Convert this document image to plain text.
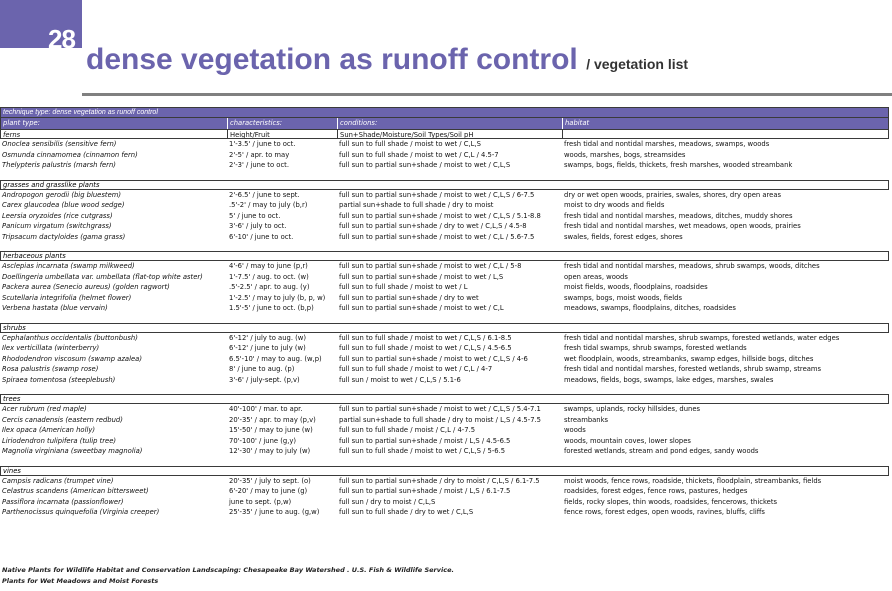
28
dense vegetation as runoff control / vegetation list
technique type: dense vegetation as runoff control
plant type:	characteristics:	conditions:	habitat
ferns	Height/Fruit	Sun+Shade/Moisture/Soil Types/Soil pH
Onoclea sensibilis (sensitive fern)	1'-3.5' / june to oct.	full sun to full shade / moist to wet / C,L,S	fresh tidal and nontidal marshes, meadows, swamps, woods
Osmunda cinnamomea (cinnamon fern)	2'-5' / apr. to may	full sun to full shade / moist to wet / C,L / 4.5-7	woods, marshes, bogs, streamsides
Thelypteris palustris (marsh fern)	2'-3' / june to oct.	full sun to partial sun+shade / moist to wet / C,L,S	swamps, bogs, fields, thickets, fresh marshes, wooded streambank
grasses and grasslike plants
Andropogon gerodii (big bluestem)	2'-6.5' / june to sept.	full sun to partial sun+shade / moist to wet / C,L,S / 6-7.5	dry or wet open woods, prairies, swales, shores, dry open areas
Carex glaucodea (blue wood sedge)	.5'-2' / may to july (b,r)	partial sun+shade to full shade / dry to moist	moist to dry woods and fields
Leersia oryzoides (rice cutgrass)	5' / june to oct.	full sun to partial sun+shade / moist to wet / C,L,S / 5.1-8.8	fresh tidal and nontidal marshes, meadows, ditches, muddy shores
Panicum virgatum (switchgrass)	3'-6' / july to oct.	full sun to partial sun+shade / dry to wet / C,L,S / 4.5-8	fresh tidal and nontidal marshes, wet meadows, open woods, prairies
Tripsacum dactyloides (gama grass)	6'-10' / june to oct.	full sun to partial sun+shade / moist to wet / C,L / 5.6-7.5	swales, fields, forest edges, shores
herbaceous plants
Asclepias incarnata (swamp milkweed)	4'-6' / may to june (p,r)	full sun to partial sun+shade / moist to wet / C,L / 5-8	fresh tidal and nontidal marshes, meadows, shrub swamps, woods, ditches
Doellingeria umbellata var. umbellata (flat-top white aster)	1'-7.5' / aug. to oct. (w)	full sun to partial sun+shade / moist to wet / L,S	open areas, woods
Packera aurea (Senecio aureus) (golden ragwort)	.5'-2.5' / apr. to aug. (y)	full sun to full shade / moist to wet / L	moist fields, woods, floodplains, roadsides
Scutellaria integrifolia (helmet flower)	1'-2.5' / may to july (b, p, w)	full sun to partial sun+shade / dry to wet	swamps, bogs, moist woods, fields
Verbena hastata (blue vervain)	1.5'-5' / june to oct. (b,p)	full sun to partial sun+shade / moist to wet / C,L	meadows, swamps, floodplains, ditches, roadsides
shrubs
Cephalanthus occidentalis (buttonbush)	6'-12' / july to aug. (w)	full sun to full shade / moist to wet / C,L,S / 6.1-8.5	fresh tidal and nontidal marshes, shrub swamps, forested wetlands, water edges
Ilex verticillata (winterberry)	6'-12' / june to july (w)	full sun to full shade / moist to wet / C,L,S / 4.5-6.5	fresh tidal swamps, shrub swamps, forested wetlands
Rhododendron viscosum (swamp azalea)	6.5'-10' / may to aug. (w,p)	full sun to partial sun+shade / moist to wet / C,L,S / 4-6	wet floodplain, woods, streambanks, swamp edges, hillside bogs, ditches
Rosa palustris (swamp rose)	8' / june to aug. (p)	full sun to full shade / moist to wet / C,L / 4-7	fresh tidal and nontidal marshes, forested wetlands, shrub swamp, streams
Spiraea tomentosa (steeplebush)	3'-6' / july-sept. (p,v)	full sun / moist to wet / C,L,S / 5.1-6	meadows, fields, bogs, swamps, lake edges, marshes, swales
trees
Acer rubrum (red maple)	40'-100' / mar. to apr.	full sun to partial sun+shade / moist to wet / C,L,S / 5.4-7.1	swamps, uplands, rocky hillsides, dunes
Cercis canadensis (eastern redbud)	20'-35' / apr. to may (p,v)	partial sun+shade to full shade / dry to moist / L,S / 4.5-7.5	streambanks
Ilex opaca (American holly)	15'-50' / may to june (w)	full sun to full shade / moist / C,L / 4-7.5	woods
Liriodendron tulipifera (tulip tree)	70'-100' / june (g,y)	full sun to partial sun+shade / moist / L,S / 4.5-6.5	woods, mountain coves, lower slopes
Magnolia virginiana (sweetbay magnolia)	12'-30' / may to july (w)	full sun to full shade / moist to wet / C,L,S / 5-6.5	forested wetlands, stream and pond edges, sandy woods
vines
Campsis radicans (trumpet vine)	20'-35' / july to sept. (o)	full sun to partial sun+shade / dry to moist / C,L,S / 6.1-7.5	moist woods, fence rows, roadside, thickets, floodplain, streambanks, fields
Celastrus scandens (American bittersweet)	6'-20' / may to june (g)	full sun to partial sun+shade / moist / L,S / 6.1-7.5	roadsides, forest edges, fence rows, pastures, hedges
Passiflora incarnata (passionflower)	june to sept. (p,w)	full sun / dry to moist / C,L,S	fields, rocky slopes, thin woods, roadsides, fencerows, thickets
Parthenocissus quinquefolia (Virginia creeper)	25'-35' / june to aug. (g,w)	full sun to full shade / dry to wet / C,L,S	fence rows, forest edges, open woods, ravines, bluffs, cliffs
Native Plants for Wildlife Habitat and Conservation Landscaping: Chesapeake Bay Watershed . U.S. Fish & Wildlife Service.
Plants for Wet Meadows and Moist Forests
